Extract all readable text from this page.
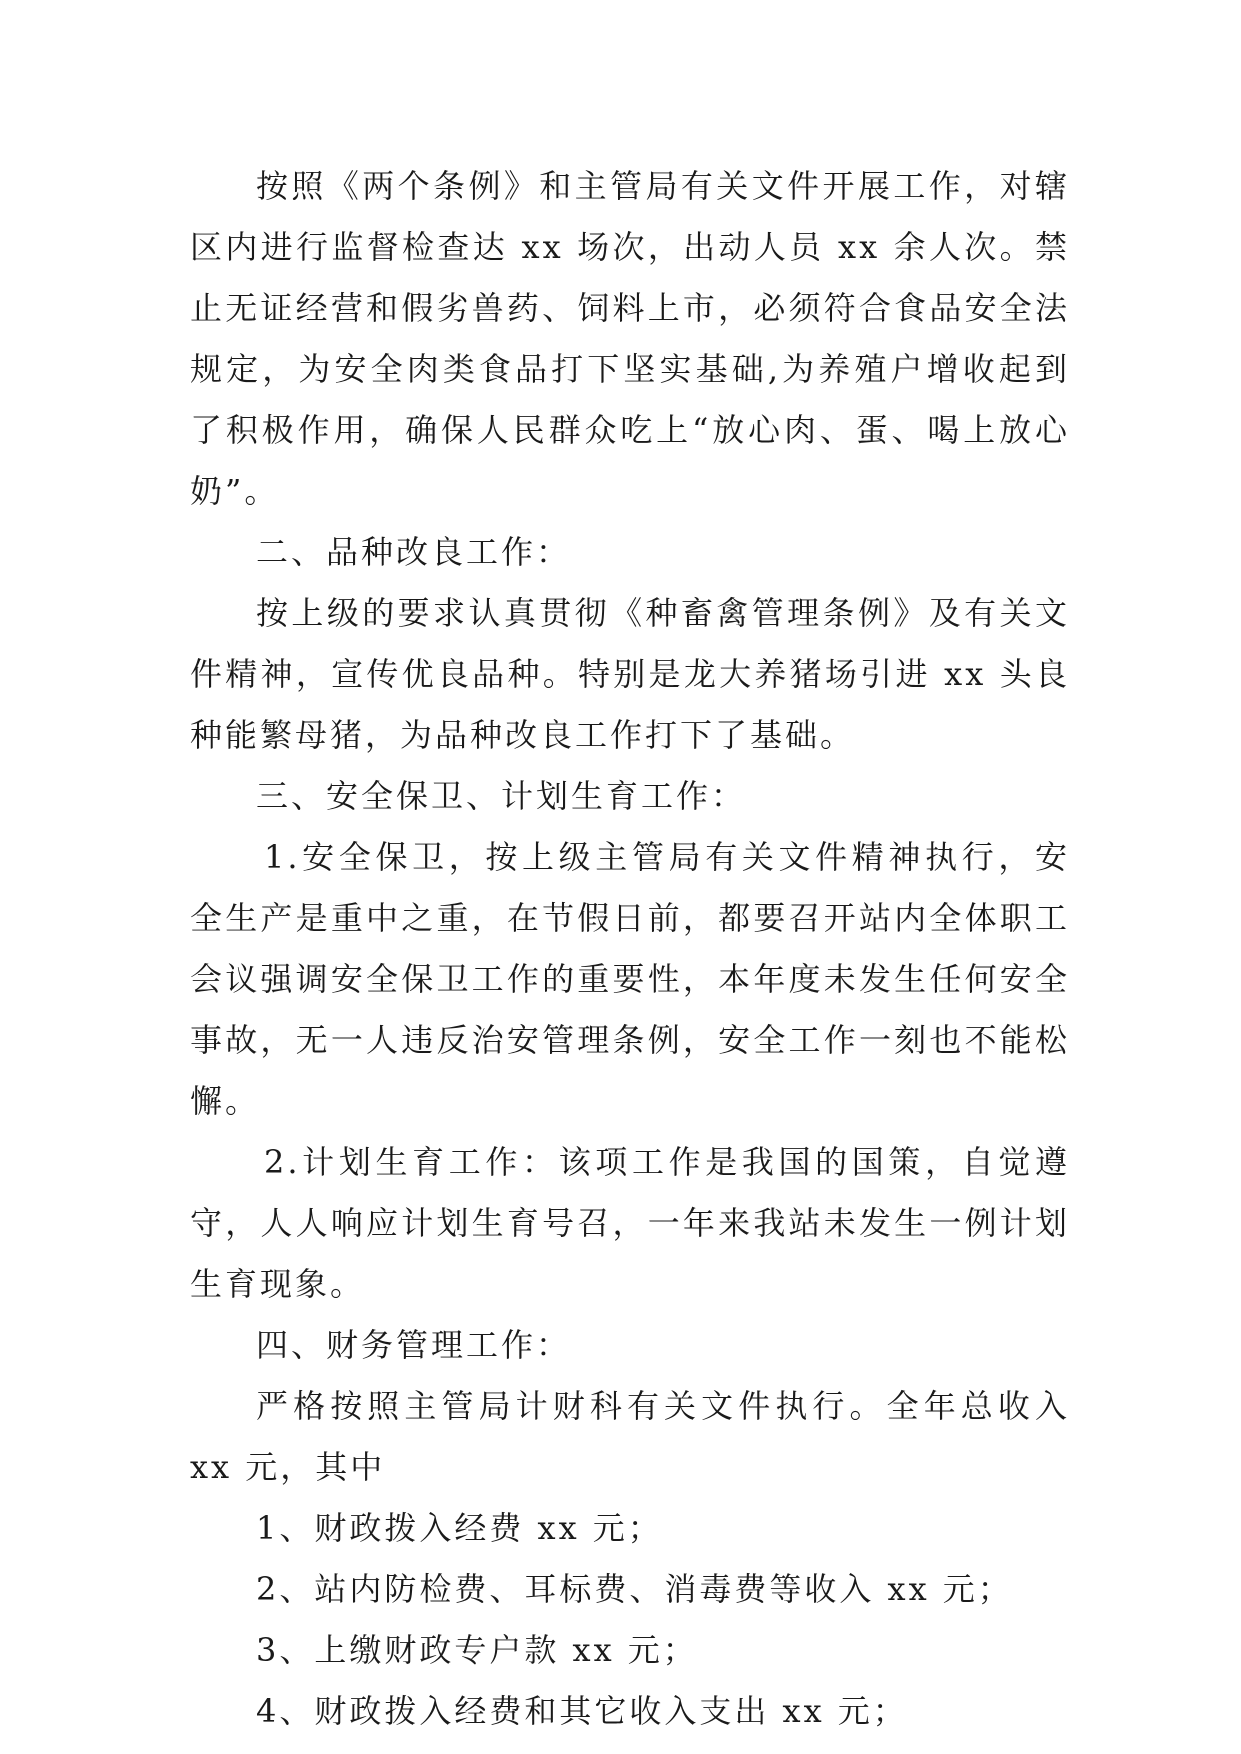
按照《两个条例》和主管局有关文件开展工作，对辖区内进行监督检查达 xx 场次，出动人员 xx 余人次。禁止无证经营和假劣兽药、饲料上市，必须符合食品安全法规定，为安全肉类食品打下坚实基础,为养殖户增收起到了积极作用，确保人民群众吃上“放心肉、蛋、喝上放心奶”。

二、品种改良工作：

按上级的要求认真贯彻《种畜禽管理条例》及有关文件精神，宣传优良品种。特别是龙大养猪场引进 xx 头良种能繁母猪，为品种改良工作打下了基础。

三、安全保卫、计划生育工作：

1.安全保卫，按上级主管局有关文件精神执行，安全生产是重中之重，在节假日前，都要召开站内全体职工会议强调安全保卫工作的重要性，本年度未发生任何安全事故，无一人违反治安管理条例，安全工作一刻也不能松懈。

2.计划生育工作：该项工作是我国的国策，自觉遵守，人人响应计划生育号召，一年来我站未发生一例计划生育现象。

四、财务管理工作：

严格按照主管局计财科有关文件执行。全年总收入 xx 元，其中

1、财政拨入经费 xx 元；

2、站内防检费、耳标费、消毒费等收入 xx 元；

3、上缴财政专户款 xx 元；

4、财政拨入经费和其它收入支出 xx 元；
